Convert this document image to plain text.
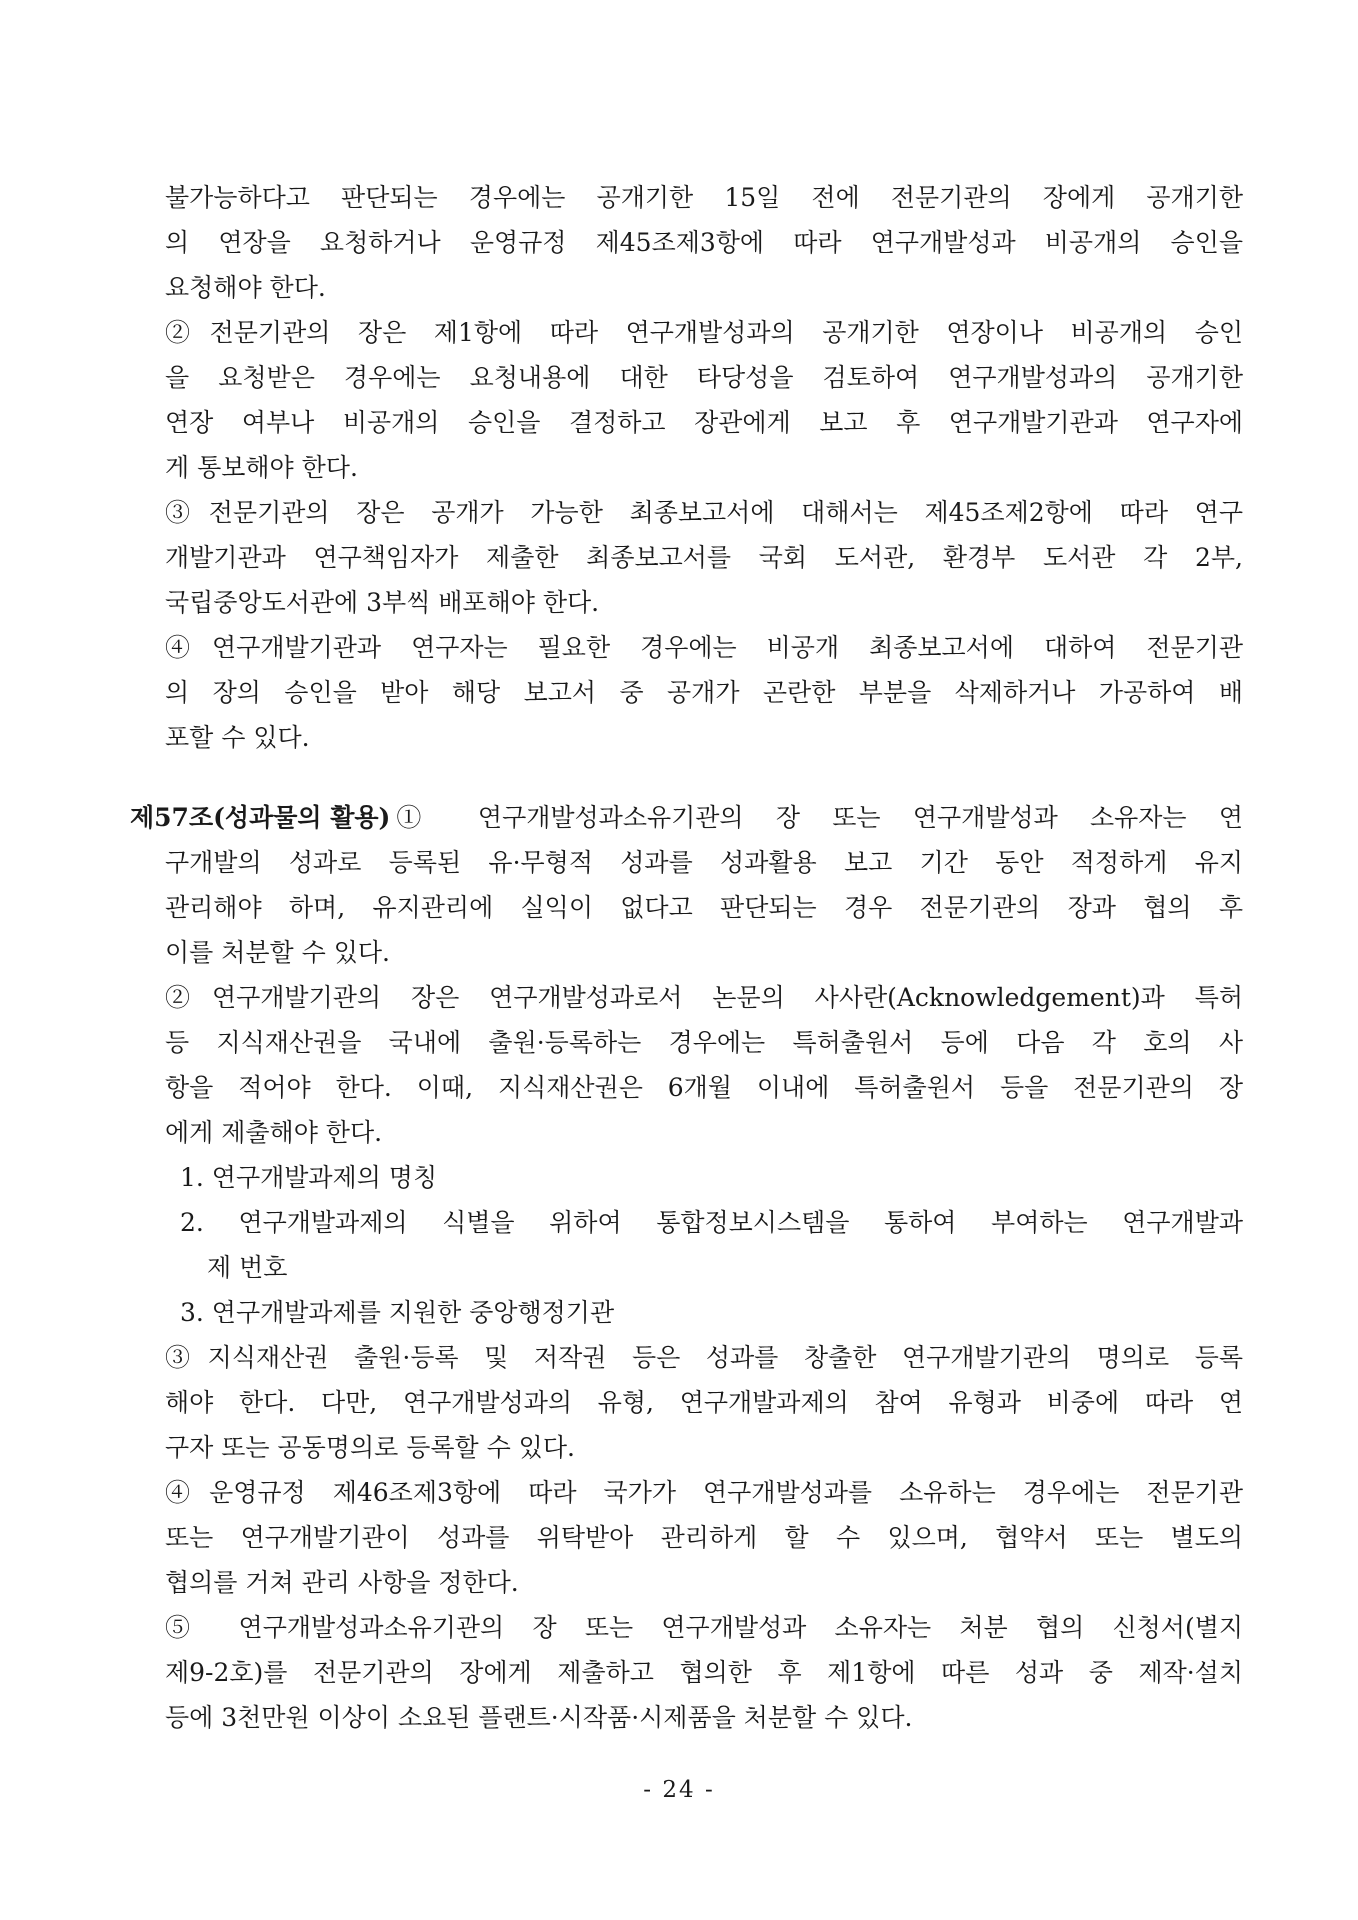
불가능하다고 판단되는 경우에는 공개기한 15일 전에 전문기관의 장에게 공개기한

의 연장을 요청하거나 운영규정 제45조제3항에 따라 연구개발성과 비공개의 승인을

요청해야 한다.

②전문기관의 장은 제1항에 따라 연구개발성과의 공개기한 연장이나 비공개의 승인

을 요청받은 경우에는 요청내용에 대한 타당성을 검토하여 연구개발성과의 공개기한

연장 여부나 비공개의 승인을 결정하고 장관에게 보고 후 연구개발기관과 연구자에

게 통보해야 한다.

③전문기관의 장은 공개가 가능한 최종보고서에 대해서는 제45조제2항에 따라 연구

개발기관과 연구책임자가 제출한 최종보고서를 국회 도서관, 환경부 도서관 각 2부,

국립중앙도서관에 3부씩 배포해야 한다.

④연구개발기관과 연구자는 필요한 경우에는 비공개 최종보고서에 대하여 전문기관

의 장의 승인을 받아 해당 보고서 중 공개가 곤란한 부분을 삭제하거나 가공하여 배

포할 수 있다.

제57조(성과물의 활용) ① 연구개발성과소유기관의 장 또는 연구개발성과 소유자는 연

구개발의 성과로 등록된 유·무형적 성과를 성과활용 보고 기간 동안 적정하게 유지

관리해야 하며, 유지관리에 실익이 없다고 판단되는 경우 전문기관의 장과 협의 후

이를 처분할 수 있다.

②연구개발기관의 장은 연구개발성과로서 논문의 사사란(Acknowledgement)과 특허

등 지식재산권을 국내에 출원·등록하는 경우에는 특허출원서 등에 다음 각 호의 사

항을 적어야 한다. 이때, 지식재산권은 6개월 이내에 특허출원서 등을 전문기관의 장

에게 제출해야 한다.

1. 연구개발과제의 명칭

2. 연구개발과제의 식별을 위하여 통합정보시스템을 통하여 부여하는 연구개발과

제 번호

3. 연구개발과제를 지원한 중앙행정기관

③지식재산권 출원·등록 및 저작권 등은 성과를 창출한 연구개발기관의 명의로 등록

해야 한다. 다만, 연구개발성과의 유형, 연구개발과제의 참여 유형과 비중에 따라 연

구자 또는 공동명의로 등록할 수 있다.

④운영규정 제46조제3항에 따라 국가가 연구개발성과를 소유하는 경우에는 전문기관

또는 연구개발기관이 성과를 위탁받아 관리하게 할 수 있으며, 협약서 또는 별도의

협의를 거쳐 관리 사항을 정한다.

⑤ 연구개발성과소유기관의 장 또는 연구개발성과 소유자는 처분 협의 신청서(별지

제9-2호)를 전문기관의 장에게 제출하고 협의한 후 제1항에 따른 성과 중 제작·설치

등에 3천만원 이상이 소요된 플랜트·시작품·시제품을 처분할 수 있다.

- 24 -
